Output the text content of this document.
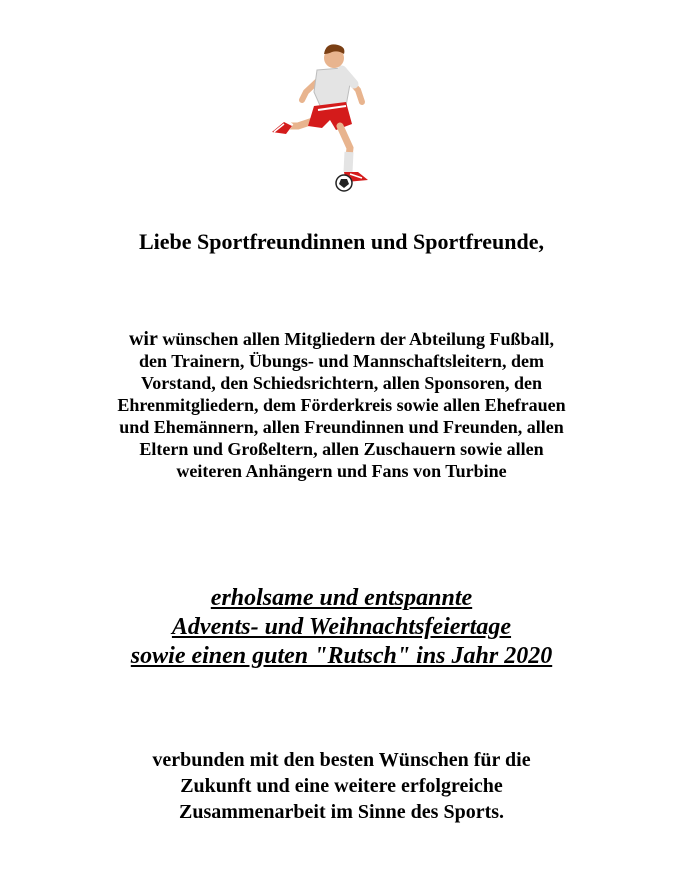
Liebe Sportfreundinnen und Sportfreunde,

wir wünschen allen Mitgliedern der Abteilung Fußball,
den Trainern, Übungs- und Mannschaftsleitern, dem
Vorstand, den Schiedsrichtern, allen Sponsoren, den
Ehrenmitgliedern, dem Förderkreis sowie allen Ehefrauen
und Ehemännern, allen Freundinnen und Freunden, allen
Eltern und Großeltern, allen Zuschauern sowie allen
weiteren Anhängern und Fans von Turbine

erholsame und entspannte
Advents- und Weihnachtsfeiertage
sowie einen guten "Rutsch" ins Jahr 2020

verbunden mit den besten Wünschen für die
Zukunft und eine weitere erfolgreiche
Zusammenarbeit im Sinne des Sports.
